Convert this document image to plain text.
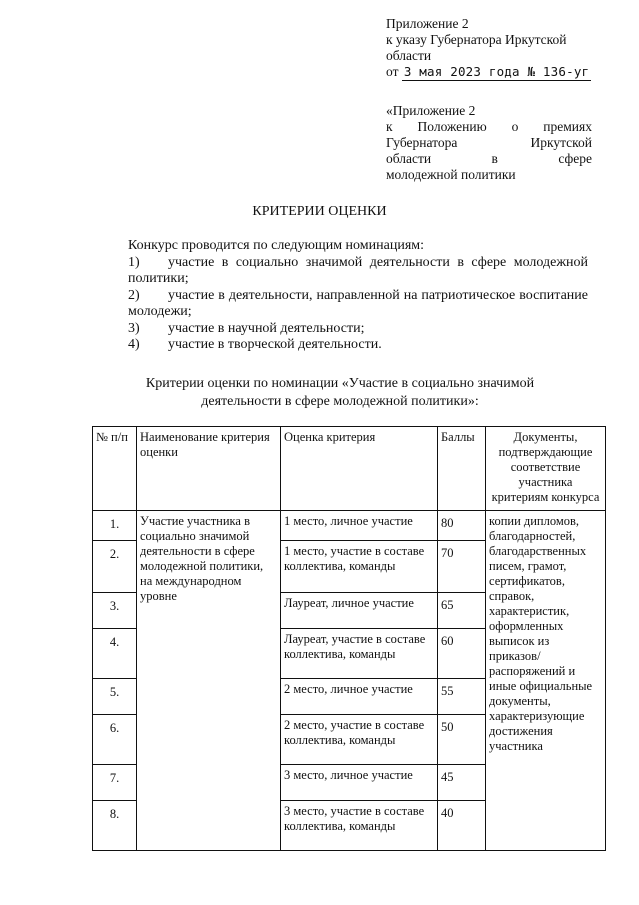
Приложение 2
к указу Губернатора Иркутской
области
от 3 мая 2023 года № 136-уг
«Приложение 2
к Положению о премиях
Губернатора Иркутской
области в сфере
молодежной политики
КРИТЕРИИ ОЦЕНКИ

Конкурс проводится по следующим номинациям:

1) участие в социально значимой деятельности в сфере молодежной политики;
2) участие в деятельности, направленной на патриотическое воспитание молодежи;
3) участие в научной деятельности;
4) участие в творческой деятельности.
Критерии оценки по номинации «Участие в социально значимой
деятельности в сфере молодежной политики»:
№ п/п	Наименование критерия оценки	Оценка критерия	Баллы	Документы, подтверждающие соответствие участника критериям конкурса
1.	Участие участника в социально значимой деятельности в сфере молодежной политики, на международном уровне	1 место, личное участие	80	копии дипломов, благодарностей, благодарственных писем, грамот, сертификатов, справок, характеристик, оформленных выписок из приказов/распоряжений и иные официальные документы, характеризующие достижения участника
2.		1 место, участие в составе коллектива, команды	70	
3.		Лауреат, личное участие	65	
4.		Лауреат, участие в составе коллектива, команды	60	
5.		2 место, личное участие	55	
6.		2 место, участие в составе коллектива, команды	50	
7.		3 место, личное участие	45	
8.		3 место, участие в составе коллектива, команды	40	
